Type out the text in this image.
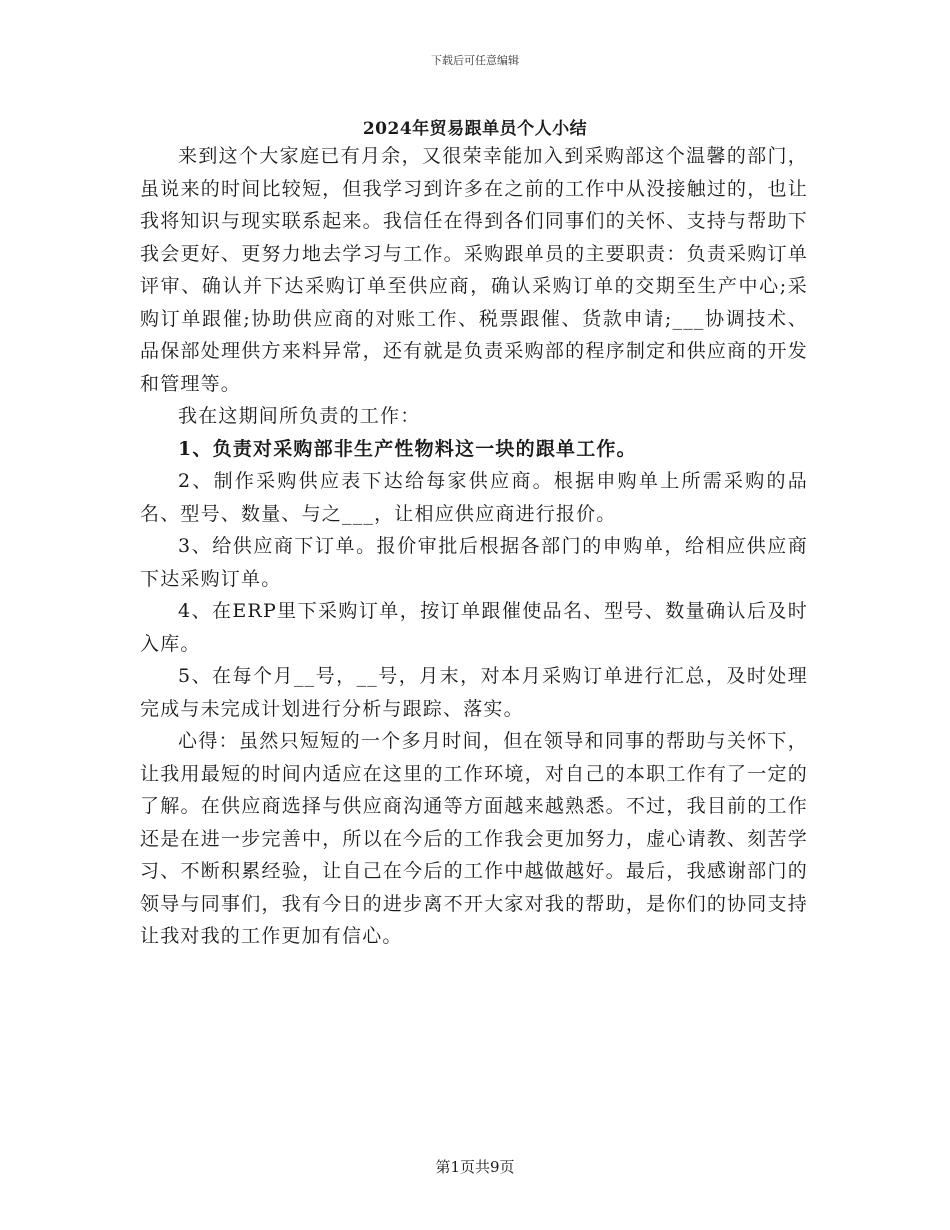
下载后可任意编辑
2024年贸易跟单员个人小结

来到这个大家庭已有月余，又很荣幸能加入到采购部这个温馨的部门，虽说来的时间比较短，但我学习到许多在之前的工作中从没接触过的，也让我将知识与现实联系起来。我信任在得到各们同事们的关怀、支持与帮助下我会更好、更努力地去学习与工作。采购跟单员的主要职责：负责采购订单评审、确认并下达采购订单至供应商，确认采购订单的交期至生产中心;采购订单跟催;协助供应商的对账工作、税票跟催、货款申请;___协调技术、品保部处理供方来料异常，还有就是负责采购部的程序制定和供应商的开发和管理等。

我在这期间所负责的工作：

1、负责对采购部非生产性物料这一块的跟单工作。

2、制作采购供应表下达给每家供应商。根据申购单上所需采购的品名、型号、数量、与之___，让相应供应商进行报价。

3、给供应商下订单。报价审批后根据各部门的申购单，给相应供应商下达采购订单。

4、在ERP里下采购订单，按订单跟催使品名、型号、数量确认后及时入库。

5、在每个月__号，__号，月末，对本月采购订单进行汇总，及时处理完成与未完成计划进行分析与跟踪、落实。

心得：虽然只短短的一个多月时间，但在领导和同事的帮助与关怀下，让我用最短的时间内适应在这里的工作环境，对自己的本职工作有了一定的了解。在供应商选择与供应商沟通等方面越来越熟悉。不过，我目前的工作还是在进一步完善中，所以在今后的工作我会更加努力，虚心请教、刻苦学习、不断积累经验，让自己在今后的工作中越做越好。最后，我感谢部门的领导与同事们，我有今日的进步离不开大家对我的帮助，是你们的协同支持让我对我的工作更加有信心。

第1页共9页
